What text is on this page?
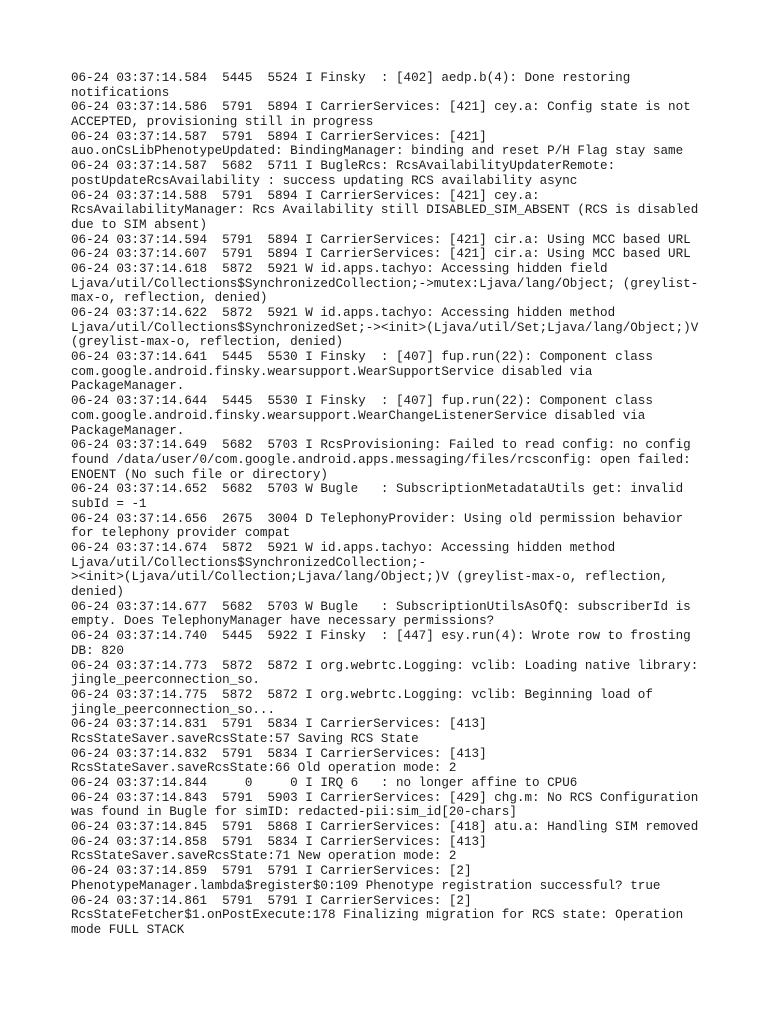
06-24 03:37:14.584  5445  5524 I Finsky  : [402] aedp.b(4): Done restoring
notifications
06-24 03:37:14.586  5791  5894 I CarrierServices: [421] cey.a: Config state is not
ACCEPTED, provisioning still in progress
06-24 03:37:14.587  5791  5894 I CarrierServices: [421]
auo.onCsLibPhenotypeUpdated: BindingManager: binding and reset P/H Flag stay same
06-24 03:37:14.587  5682  5711 I BugleRcs: RcsAvailabilityUpdaterRemote:
postUpdateRcsAvailability : success updating RCS availability async
06-24 03:37:14.588  5791  5894 I CarrierServices: [421] cey.a:
RcsAvailabilityManager: Rcs Availability still DISABLED_SIM_ABSENT (RCS is disabled
due to SIM absent)
06-24 03:37:14.594  5791  5894 I CarrierServices: [421] cir.a: Using MCC based URL
06-24 03:37:14.607  5791  5894 I CarrierServices: [421] cir.a: Using MCC based URL
06-24 03:37:14.618  5872  5921 W id.apps.tachyo: Accessing hidden field
Ljava/util/Collections$SynchronizedCollection;->mutex:Ljava/lang/Object; (greylist-
max-o, reflection, denied)
06-24 03:37:14.622  5872  5921 W id.apps.tachyo: Accessing hidden method
Ljava/util/Collections$SynchronizedSet;-><init>(Ljava/util/Set;Ljava/lang/Object;)V
(greylist-max-o, reflection, denied)
06-24 03:37:14.641  5445  5530 I Finsky  : [407] fup.run(22): Component class
com.google.android.finsky.wearsupport.WearSupportService disabled via
PackageManager.
06-24 03:37:14.644  5445  5530 I Finsky  : [407] fup.run(22): Component class
com.google.android.finsky.wearsupport.WearChangeListenerService disabled via
PackageManager.
06-24 03:37:14.649  5682  5703 I RcsProvisioning: Failed to read config: no config
found /data/user/0/com.google.android.apps.messaging/files/rcsconfig: open failed:
ENOENT (No such file or directory)
06-24 03:37:14.652  5682  5703 W Bugle   : SubscriptionMetadataUtils get: invalid
subId = -1
06-24 03:37:14.656  2675  3004 D TelephonyProvider: Using old permission behavior
for telephony provider compat
06-24 03:37:14.674  5872  5921 W id.apps.tachyo: Accessing hidden method
Ljava/util/Collections$SynchronizedCollection;-
><init>(Ljava/util/Collection;Ljava/lang/Object;)V (greylist-max-o, reflection,
denied)
06-24 03:37:14.677  5682  5703 W Bugle   : SubscriptionUtilsAsOfQ: subscriberId is
empty. Does TelephonyManager have necessary permissions?
06-24 03:37:14.740  5445  5922 I Finsky  : [447] esy.run(4): Wrote row to frosting
DB: 820
06-24 03:37:14.773  5872  5872 I org.webrtc.Logging: vclib: Loading native library:
jingle_peerconnection_so.
06-24 03:37:14.775  5872  5872 I org.webrtc.Logging: vclib: Beginning load of
jingle_peerconnection_so...
06-24 03:37:14.831  5791  5834 I CarrierServices: [413]
RcsStateSaver.saveRcsState:57 Saving RCS State
06-24 03:37:14.832  5791  5834 I CarrierServices: [413]
RcsStateSaver.saveRcsState:66 Old operation mode: 2
06-24 03:37:14.844     0     0 I IRQ 6   : no longer affine to CPU6
06-24 03:37:14.843  5791  5903 I CarrierServices: [429] chg.m: No RCS Configuration
was found in Bugle for simID: redacted-pii:sim_id[20-chars]
06-24 03:37:14.845  5791  5868 I CarrierServices: [418] atu.a: Handling SIM removed
06-24 03:37:14.858  5791  5834 I CarrierServices: [413]
RcsStateSaver.saveRcsState:71 New operation mode: 2
06-24 03:37:14.859  5791  5791 I CarrierServices: [2]
PhenotypeManager.lambda$register$0:109 Phenotype registration successful? true
06-24 03:37:14.861  5791  5791 I CarrierServices: [2]
RcsStateFetcher$1.onPostExecute:178 Finalizing migration for RCS state: Operation
mode FULL STACK
